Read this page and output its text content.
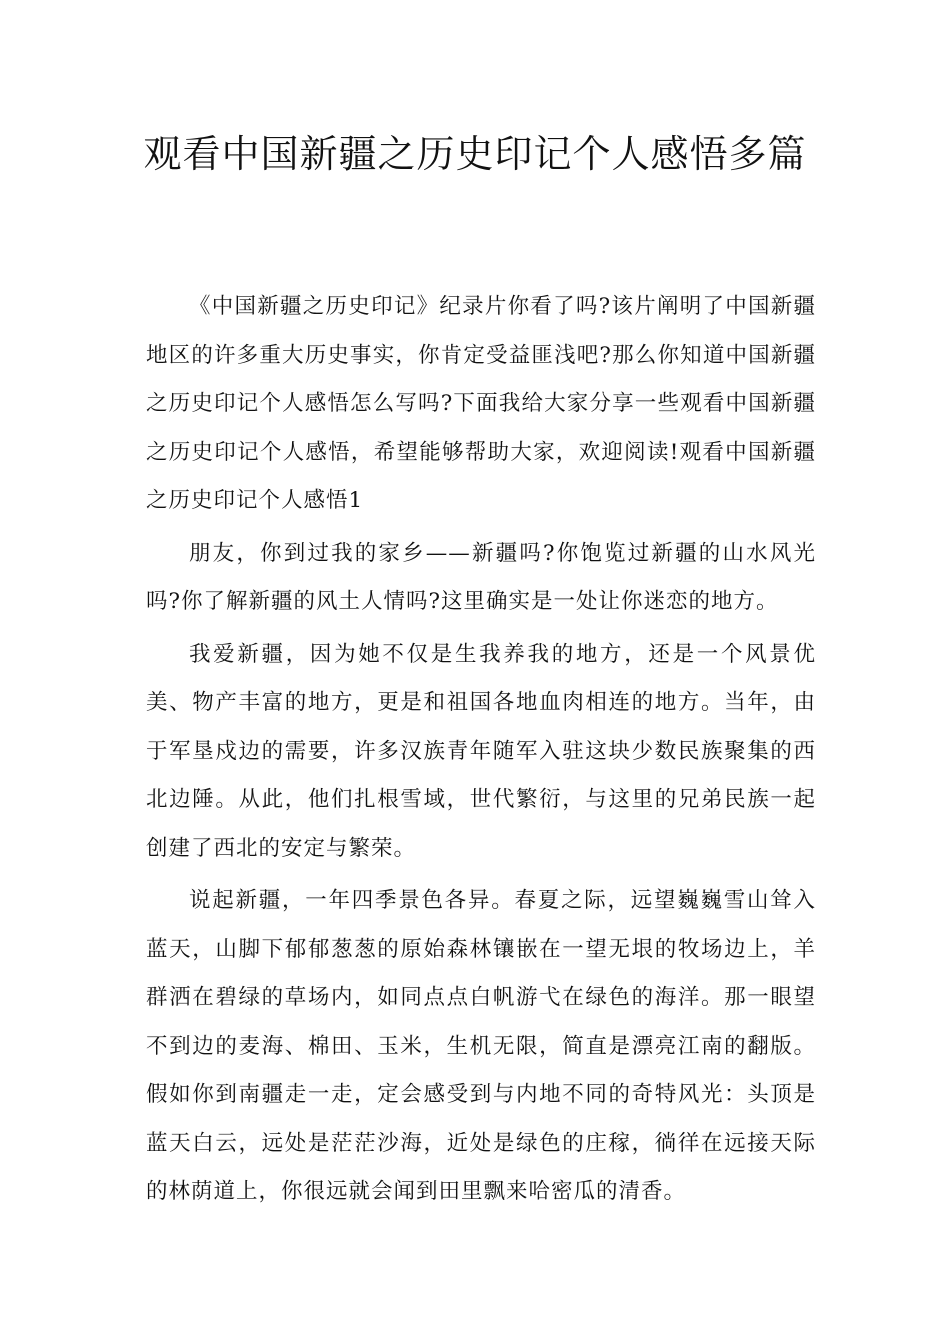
观看中国新疆之历史印记个人感悟多篇

《中国新疆之历史印记》纪录片你看了吗?该片阐明了中国新疆地区的许多重大历史事实，你肯定受益匪浅吧?那么你知道中国新疆之历史印记个人感悟怎么写吗?下面我给大家分享一些观看中国新疆之历史印记个人感悟，希望能够帮助大家，欢迎阅读!观看中国新疆之历史印记个人感悟1

朋友，你到过我的家乡——新疆吗?你饱览过新疆的山水风光吗?你了解新疆的风土人情吗?这里确实是一处让你迷恋的地方。

我爱新疆，因为她不仅是生我养我的地方，还是一个风景优美、物产丰富的地方，更是和祖国各地血肉相连的地方。当年，由于军垦戍边的需要，许多汉族青年随军入驻这块少数民族聚集的西北边陲。从此，他们扎根雪域，世代繁衍，与这里的兄弟民族一起创建了西北的安定与繁荣。

说起新疆，一年四季景色各异。春夏之际，远望巍巍雪山耸入蓝天，山脚下郁郁葱葱的原始森林镶嵌在一望无垠的牧场边上，羊群洒在碧绿的草场内，如同点点白帆游弋在绿色的海洋。那一眼望不到边的麦海、棉田、玉米，生机无限，简直是漂亮江南的翻版。假如你到南疆走一走，定会感受到与内地不同的奇特风光：头顶是蓝天白云，远处是茫茫沙海，近处是绿色的庄稼，徜徉在远接天际的林荫道上，你很远就会闻到田里飘来哈密瓜的清香。
